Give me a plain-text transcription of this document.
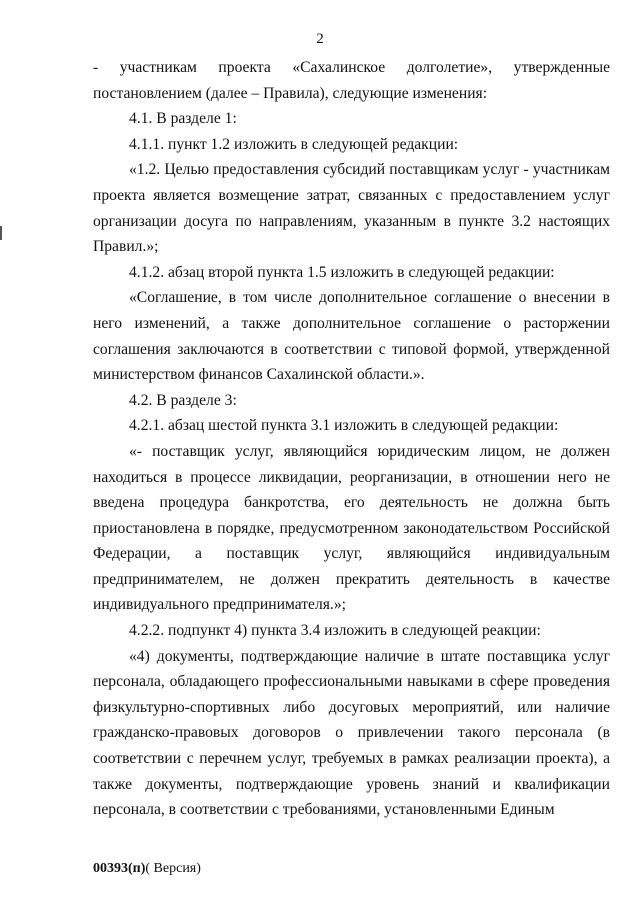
2

- участникам проекта «Сахалинское долголетие», утвержденные

постановлением (далее – Правила), следующие изменения:

4.1. В разделе 1:

4.1.1. пункт 1.2 изложить в следующей редакции:

«1.2. Целью предоставления субсидий поставщикам услуг - участникам проекта является возмещение затрат, связанных с предоставлением услуг организации досуга по направлениям, указанным в пункте 3.2 настоящих Правил.»;

4.1.2. абзац второй пункта 1.5 изложить в следующей редакции:

«Соглашение, в том числе дополнительное соглашение о внесении в него изменений, а также дополнительное соглашение о расторжении соглашения заключаются в соответствии с типовой формой, утвержденной министерством финансов Сахалинской области.».

4.2. В разделе 3:

4.2.1. абзац шестой пункта 3.1 изложить в следующей редакции:

«- поставщик услуг, являющийся юридическим лицом, не должен находиться в процессе ликвидации, реорганизации, в отношении него не введена процедура банкротства, его деятельность не должна быть приостановлена в порядке, предусмотренном законодательством Российской Федерации, а поставщик услуг, являющийся индивидуальным предпринимателем, не должен прекратить деятельность в качестве индивидуального предпринимателя.»;

4.2.2. подпункт 4) пункта 3.4 изложить в следующей реакции:

«4) документы, подтверждающие наличие в штате поставщика услуг персонала, обладающего профессиональными навыками в сфере проведения физкультурно-спортивных либо досуговых мероприятий, или наличие гражданско-правовых договоров о привлечении такого персонала (в соответствии с перечнем услуг, требуемых в рамках реализации проекта), а также документы, подтверждающие уровень знаний и квалификации персонала, в соответствии с требованиями, установленными Единым

00393(п)( Версия)
